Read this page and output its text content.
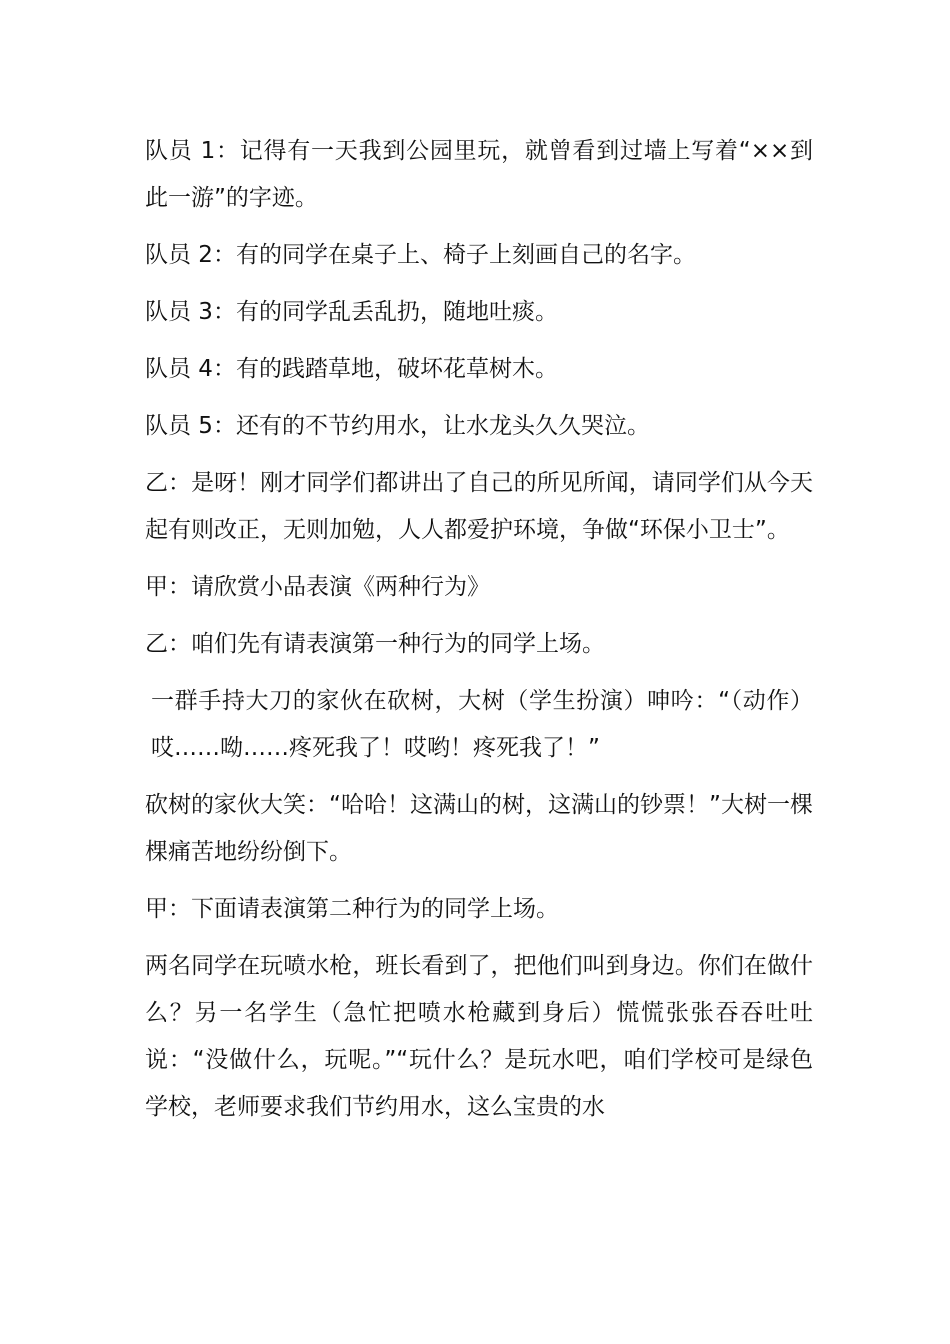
队员 1：记得有一天我到公园里玩，就曾看到过墙上写着“××到此一游”的字迹。

队员 2：有的同学在桌子上、椅子上刻画自己的名字。

队员 3：有的同学乱丢乱扔，随地吐痰。

队员 4：有的践踏草地，破坏花草树木。

队员 5：还有的不节约用水，让水龙头久久哭泣。

乙：是呀！刚才同学们都讲出了自己的所见所闻，请同学们从今天起有则改正，无则加勉，人人都爱护环境，争做“环保小卫士”。

甲：请欣赏小品表演《两种行为》

乙：咱们先有请表演第一种行为的同学上场。

一群手持大刀的家伙在砍树，大树（学生扮演）呻吟：“（动作）哎……呦……疼死我了！哎哟！疼死我了！”

砍树的家伙大笑：“哈哈！这满山的树，这满山的钞票！”大树一棵棵痛苦地纷纷倒下。

甲：下面请表演第二种行为的同学上场。

两名同学在玩喷水枪，班长看到了，把他们叫到身边。你们在做什么？另一名学生（急忙把喷水枪藏到身后）慌慌张张吞吞吐吐说：“没做什么，玩呢。”“玩什么？是玩水吧，咱们学校可是绿色学校，老师要求我们节约用水，这么宝贵的水
